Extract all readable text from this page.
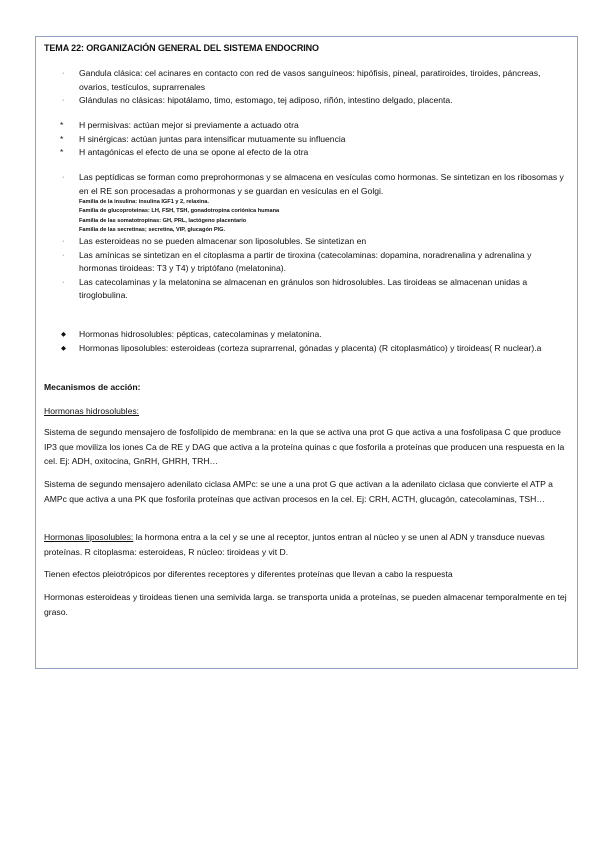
TEMA 22: ORGANIZACIÓN GENERAL DEL SISTEMA ENDOCRINO
· Gandula clásica: cel acinares en contacto con red de vasos sanguíneos: hipófisis, pineal, paratiroides, tiroides, páncreas, ovarios, testículos, suprarrenales
· Glándulas no clásicas: hipotálamo, timo, estomago, tej adiposo, riñón, intestino delgado, placenta.
* H permisivas: actúan mejor si previamente a actuado otra
* H sinérgicas: actúan juntas para intensificar mutuamente su influencia
* H antagónicas el efecto de una se opone al efecto de la otra
· Las peptídicas se forman como preprohormonas y se almacena en vesículas como hormonas. Se sintetizan en los ribosomas y en el RE son procesadas a prohormonas y se guardan en vesículas en el Golgi.
Familia de la insulina: insulina IGF1 y 2, relaxina.
Familia de glucoproteinas: LH, FSH, TSH, gonadotropina coriónica humana
Familia de las somatotropinas: GH, PRL, lactógeno placentario
Familia de las secretinas; secretina, VIP, glucagón PIG.
· Las esteroideas no se pueden almacenar son liposolubles. Se sintetizan en
· Las amínicas se sintetizan en el citoplasma a partir de tiroxina (catecolaminas: dopamina, noradrenalina y adrenalina y hormonas tiroideas: T3 y T4) y triptófano (melatonina).
· Las catecolaminas y la melatonina se almacenan en gránulos son hidrosolubles. Las tiroideas se almacenan unidas a tiroglobulina.
◆ Hormonas hidrosolubles: pépticas, catecolaminas y melatonina.
◆ Hormonas liposolubles: esteroideas (corteza suprarrenal, gónadas y placenta) (R citoplasmático) y tiroideas( R nuclear).a
Mecanismos de acción:
Hormonas hidrosolubles:
Sistema de segundo mensajero de fosfolípido de membrana: en la que se activa una prot G que activa a una fosfolipasa C que produce IP3 que moviliza los iones Ca de RE y DAG que activa a la proteína quinas c que fosforila a proteínas que producen una respuesta en la cel. Ej: ADH, oxitocina, GnRH, GHRH, TRH…
Sistema de segundo mensajero adenilato ciclasa AMPc: se une a una prot G que activan a la adenilato ciclasa que convierte el ATP a AMPc que activa a una PK que fosforila proteínas que activan procesos en la cel. Ej: CRH, ACTH, glucagón, catecolaminas, TSH…
Hormonas liposolubles: la hormona entra a la cel y se une al receptor, juntos entran al núcleo y se unen al ADN y transduce nuevas proteínas. R citoplasma: esteroideas, R núcleo: tiroideas y vit D.
Tienen efectos pleiotrópicos por diferentes receptores y diferentes proteínas que llevan a cabo la respuesta
Hormonas esteroideas y tiroideas tienen una semivida larga. se transporta unida a proteínas, se pueden almacenar temporalmente en tej graso.
